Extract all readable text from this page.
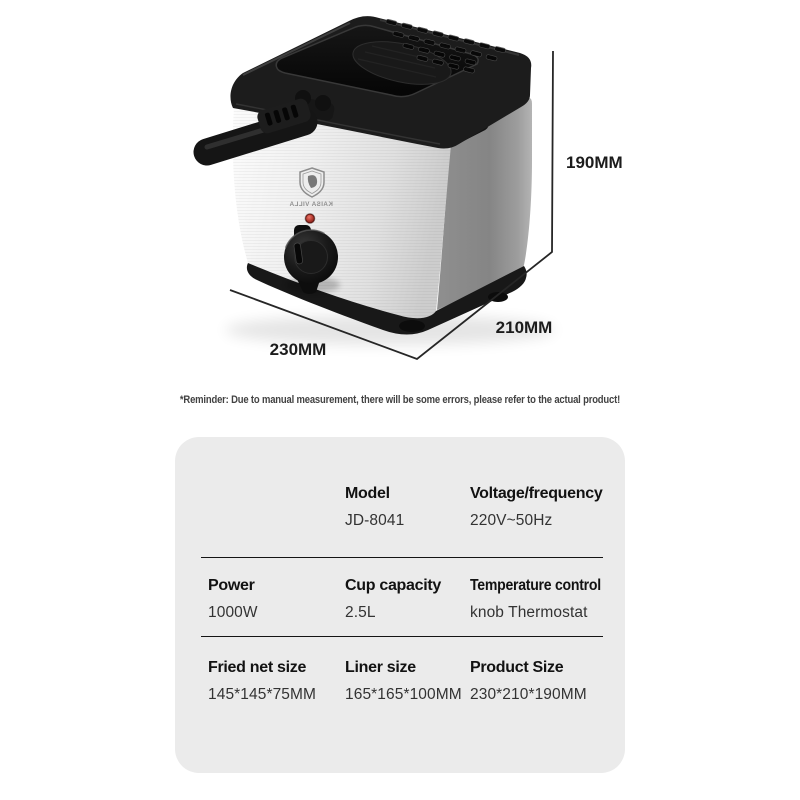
KAISA VILLA
190MM
210MM
230MM
*Reminder: Due to manual measurement, there will be some errors, please refer to the actual product!
Model
JD-8041
Voltage/frequency
220V~50Hz
Power
1000W
Cup capacity
2.5L
Temperature control
knob Thermostat
Fried net size
145*145*75MM
Liner size
165*165*100MM
Product Size
230*210*190MM
